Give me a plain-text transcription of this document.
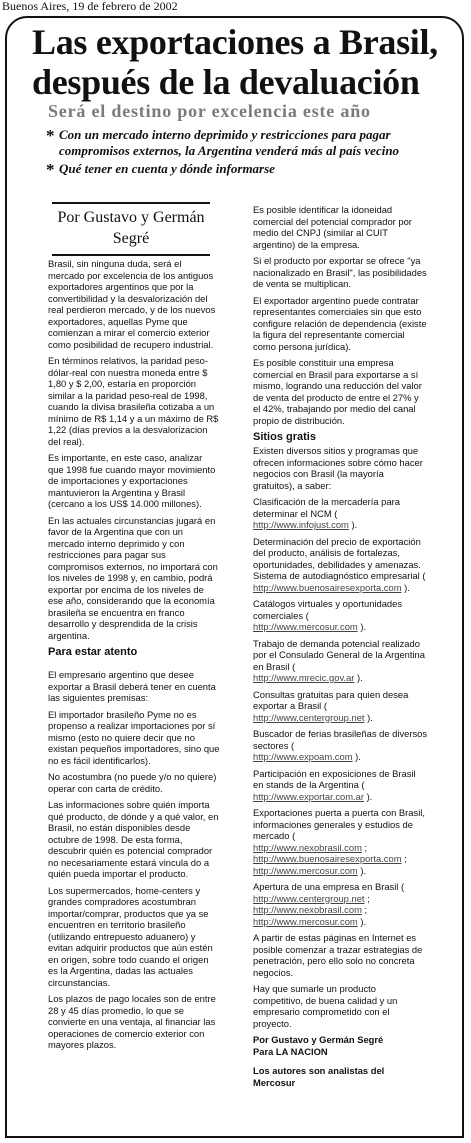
Buenos Aires, 19 de febrero de 2002
Las exportaciones a Brasil, después de la devaluación
Será el destino por excelencia este año
* Con un mercado interno deprimido y restricciones para pagar compromisos externos, la Argentina venderá más al país vecino
* Qué tener en cuenta y dónde informarse
Por Gustavo y Germán Segré

Brasil, sin ninguna duda, será el mercado por excelencia de los antiguos exportadores argentinos que por la convertibilidad y la desvalorización del real perdieron mercado, y de los nuevos exportadores, aquellas Pyme que comienzan a mirar el comercio exterior como posibilidad de recupero industrial.

En términos relativos, la paridad peso-dólar-real con nuestra moneda entre $ 1,80 y $ 2,00, estaría en proporción similar a la paridad peso-real de 1998, cuando la divisa brasileña cotizaba a un mínimo de R$ 1,14 y a un máximo de R$ 1,22 (días previos a la desvalorizacion del real).

Es importante, en este caso, analizar que 1998 fue cuando mayor movimiento de importaciones y exportaciones mantuvieron la Argentina y Brasil (cercano a los US$ 14.000 millones).

En las actuales circunstancias jugará en favor de la Argentina que con un mercado interno deprimido y con restricciones para pagar sus compromisos externos, no importará con los niveles de 1998 y, en cambio, podrá exportar por encima de los niveles de ese año, considerando que la economía brasileña se encuentra en franco desarrollo y desprendida de la crisis argentina.

Para estar atento

El empresario argentino que desee exportar a Brasil deberá tener en cuenta las siguientes premisas:

El importador brasileño Pyme no es propenso a realizar importaciones por sí mismo (esto no quiere decir que no existan pequeños importadores, sino que no es fácil identificarlos).

No acostumbra (no puede y/o no quiere) operar con carta de crédito.

Las informaciones sobre quién importa qué producto, de dónde y a qué valor, en Brasil, no están disponibles desde octubre de 1998. De esta forma, descubrir quién es potencial comprador no necesariamente estará vincula do a quién pueda importar el producto.

Los supermercados, home-centers y grandes compradores acostumbran importar/comprar, productos que ya se encuentren en territorio brasileño (utilizando entrepuesto aduanero) y evitan adquirir productos que aún estén en origen, sobre todo cuando el origen es la Argentina, dadas las actuales circunstancias.

Los plazos de pago locales son de entre 28 y 45 días promedio, lo que se convierte en una ventaja, al financiar las operaciones de comercio exterior con mayores plazos.

Es posible identificar la idoneidad comercial del potencial comprador por medio del CNPJ (similar al CUIT argentino) de la empresa.

Si el producto por exportar se ofrece "ya nacionalizado en Brasil", las posibilidades de venta se multiplican.

El exportador argentino puede contratar representantes comerciales sin que esto configure relación de dependencia (existe la figura del representante comercial como persona jurídica).

Es posible constituir una empresa comercial en Brasil para exportarse a sí mismo, logrando una reducción del valor de venta del producto de entre el 27% y el 42%, trabajando por medio del canal propio de distribución.

Sitios gratis

Existen diversos sitios y programas que ofrecen informaciones sobre cómo hacer negocios con Brasil (la mayoría gratuitos), a saber:

Clasificación de la mercadería para determinar el NCM (
http://www.infojust.com ).

Determinación del precio de exportación del producto, análisis de fortalezas, oportunidades, debilidades y amenazas. Sistema de autodiagnóstico empresarial (
http://www.buenosairesexporta.com ).

Catálogos virtuales y oportunidades comerciales (
http://www.mercosur.com ).

Trabajo de demanda potencial realizado por el Consulado General de la Argentina en Brasil (
http://www.mrecic.gov.ar ).

Consultas gratuitas para quien desea exportar a Brasil (
http://www.centergroup.net ).

Buscador de ferias brasileñas de diversos sectores (
http://www.expoam.com ).

Participación en exposiciones de Brasil en stands de la Argentina (
http://www.exportar.com.ar ).

Exportaciones puerta a puerta con Brasil, informaciones generales y estudios de mercado (
http://www.nexobrasil.com ;
http://www.buenosairesexporta.com ;
http://www.mercosur.com ).

Apertura de una empresa en Brasil (
http://www.centergroup.net ;
http://www.nexobrasil.com ;
http://www.mercosur.com ).

A partir de estas páginas en Internet es posible comenzar a trazar estrategias de penetración, pero ello solo no concreta negocios.

Hay que sumarle un producto competitivo, de buena calidad y un empresario comprometido con el proyecto.

Por Gustavo y Germán Segré
Para LA NACION

Los autores son analistas del Mercosur
